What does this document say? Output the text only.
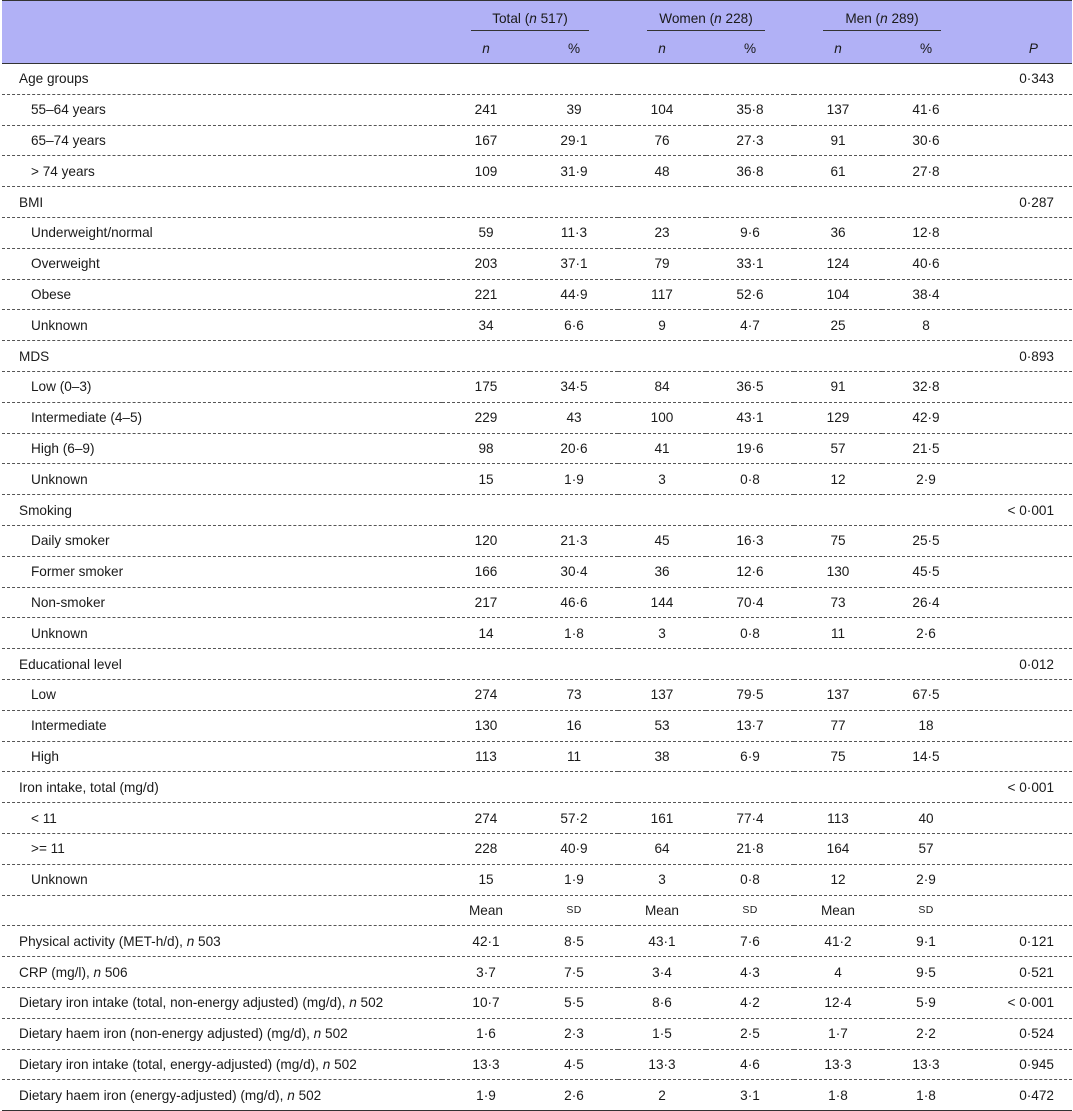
	Total (n 517)		Women (n 228)		Men (n 289)		
	n	%	n	%	n	%	P
Age groups							0·343
55–64 years	241	39	104	35·8	137	41·6	
65–74 years	167	29·1	76	27·3	91	30·6	
> 74 years	109	31·9	48	36·8	61	27·8	
BMI							0·287
Underweight/normal	59	11·3	23	9·6	36	12·8	
Overweight	203	37·1	79	33·1	124	40·6	
Obese	221	44·9	117	52·6	104	38·4	
Unknown	34	6·6	9	4·7	25	8	
MDS							0·893
Low (0–3)	175	34·5	84	36·5	91	32·8	
Intermediate (4–5)	229	43	100	43·1	129	42·9	
High (6–9)	98	20·6	41	19·6	57	21·5	
Unknown	15	1·9	3	0·8	12	2·9	
Smoking							< 0·001
Daily smoker	120	21·3	45	16·3	75	25·5	
Former smoker	166	30·4	36	12·6	130	45·5	
Non-smoker	217	46·6	144	70·4	73	26·4	
Unknown	14	1·8	3	0·8	11	2·6	
Educational level							0·012
Low	274	73	137	79·5	137	67·5	
Intermediate	130	16	53	13·7	77	18	
High	113	11	38	6·9	75	14·5	
Iron intake, total (mg/d)							< 0·001
< 11	274	57·2	161	77·4	113	40	
>= 11	228	40·9	64	21·8	164	57	
Unknown	15	1·9	3	0·8	12	2·9	
	Mean	SD	Mean	SD	Mean	SD	
Physical activity (MET-h/d), n 503	42·1	8·5	43·1	7·6	41·2	9·1	0·121
CRP (mg/l), n 506	3·7	7·5	3·4	4·3	4	9·5	0·521
Dietary iron intake (total, non-energy adjusted) (mg/d), n 502	10·7	5·5	8·6	4·2	12·4	5·9	< 0·001
Dietary haem iron (non-energy adjusted) (mg/d), n 502	1·6	2·3	1·5	2·5	1·7	2·2	0·524
Dietary iron intake (total, energy-adjusted) (mg/d), n 502	13·3	4·5	13·3	4·6	13·3	13·3	0·945
Dietary haem iron (energy-adjusted) (mg/d), n 502	1·9	2·6	2	3·1	1·8	1·8	0·472
